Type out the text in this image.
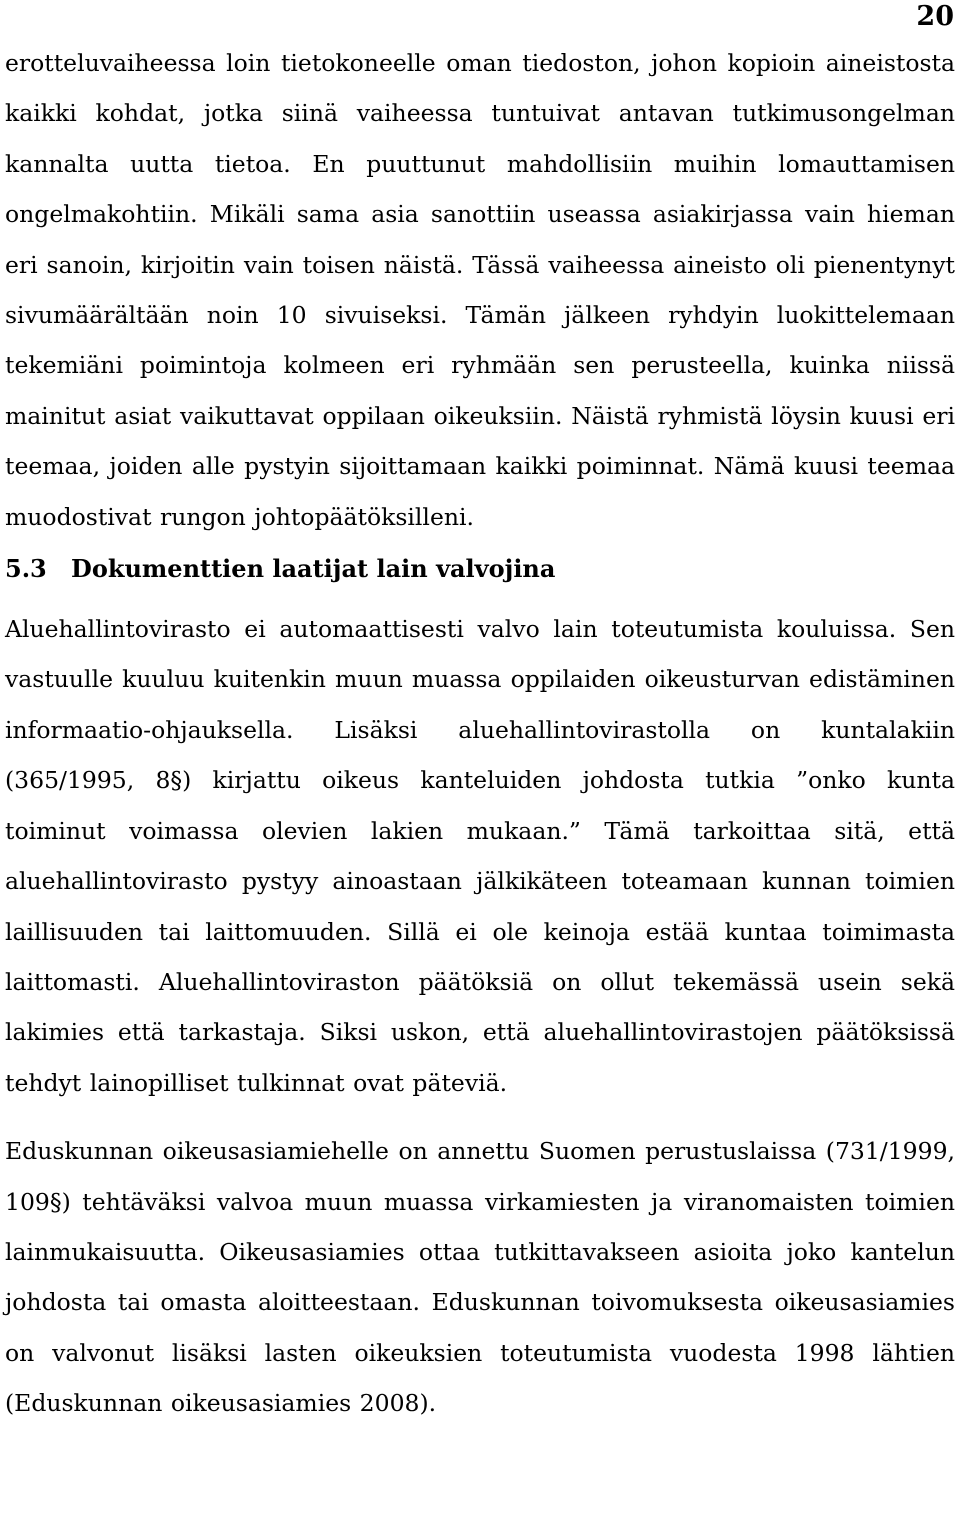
20

erotteluvaiheessa loin tietokoneelle oman tiedoston, johon kopioin aineistosta kaikki kohdat, jotka siinä vaiheessa tuntuivat antavan tutkimusongelman kannalta uutta tietoa. En puuttunut mahdollisiin muihin lomauttamisen ongelmakohtiin. Mikäli sama asia sanottiin useassa asiakirjassa vain hieman eri sanoin, kirjoitin vain toisen näistä. Tässä vaiheessa aineisto oli pienentynyt sivumäärältään noin 10 sivuiseksi. Tämän jälkeen ryhdyin luokittelemaan tekemiäni poimintoja kolmeen eri ryhmään sen perusteella, kuinka niissä mainitut asiat vaikuttavat oppilaan oikeuksiin. Näistä ryhmistä löysin kuusi eri teemaa, joiden alle pystyin sijoittamaan kaikki poiminnat. Nämä kuusi teemaa muodostivat rungon johtopäätöksilleni.

5.3 Dokumenttien laatijat lain valvojina

Aluehallintovirasto ei automaattisesti valvo lain toteutumista kouluissa. Sen vastuulle kuuluu kuitenkin muun muassa oppilaiden oikeusturvan edistäminen informaatio-ohjauksella. Lisäksi aluehallintovirastolla on kuntalakiin (365/1995, 8§) kirjattu oikeus kanteluiden johdosta tutkia ”onko kunta toiminut voimassa olevien lakien mukaan.” Tämä tarkoittaa sitä, että aluehallintovirasto pystyy ainoastaan jälkikäteen toteamaan kunnan toimien laillisuuden tai laittomuuden. Sillä ei ole keinoja estää kuntaa toimimasta laittomasti. Aluehallintoviraston päätöksiä on ollut tekemässä usein sekä lakimies että tarkastaja. Siksi uskon, että aluehallintovirastojen päätöksissä tehdyt lainopilliset tulkinnat ovat päteviä.

Eduskunnan oikeusasiamiehelle on annettu Suomen perustuslaissa (731/1999, 109§) tehtäväksi valvoa muun muassa virkamiesten ja viranomaisten toimien lainmukaisuutta. Oikeusasiamies ottaa tutkittavakseen asioita joko kantelun johdosta tai omasta aloitteestaan. Eduskunnan toivomuksesta oikeusasiamies on valvonut lisäksi lasten oikeuksien toteutumista vuodesta 1998 lähtien (Eduskunnan oikeusasiamies 2008).
